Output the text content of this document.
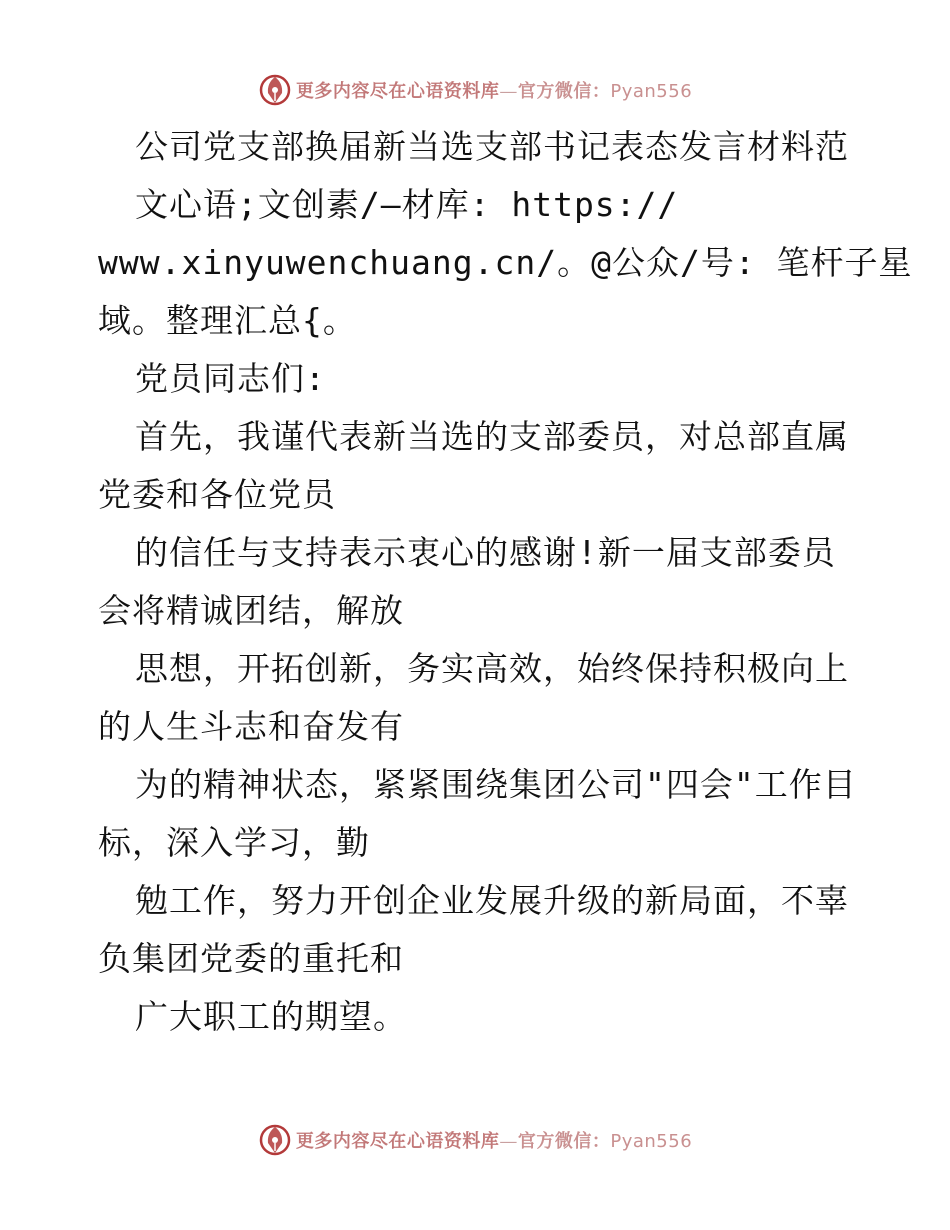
更多内容尽在心语资料库—官方微信：Pyan556
公司党支部换届新当选支部书记表态发言材料范
文心语;文创素/—材库: https://
www.xinyuwenchuang.cn/。@公众/号: 笔杆子星
域。整理汇总{。
党员同志们:
首先，我谨代表新当选的支部委员，对总部直属
党委和各位党员
的信任与支持表示衷心的感谢!新一届支部委员
会将精诚团结，解放
思想，开拓创新，务实高效，始终保持积极向上
的人生斗志和奋发有
为的精神状态，紧紧围绕集团公司"四会"工作目
标，深入学习，勤
勉工作，努力开创企业发展升级的新局面，不辜
负集团党委的重托和
广大职工的期望。
更多内容尽在心语资料库—官方微信：Pyan556
